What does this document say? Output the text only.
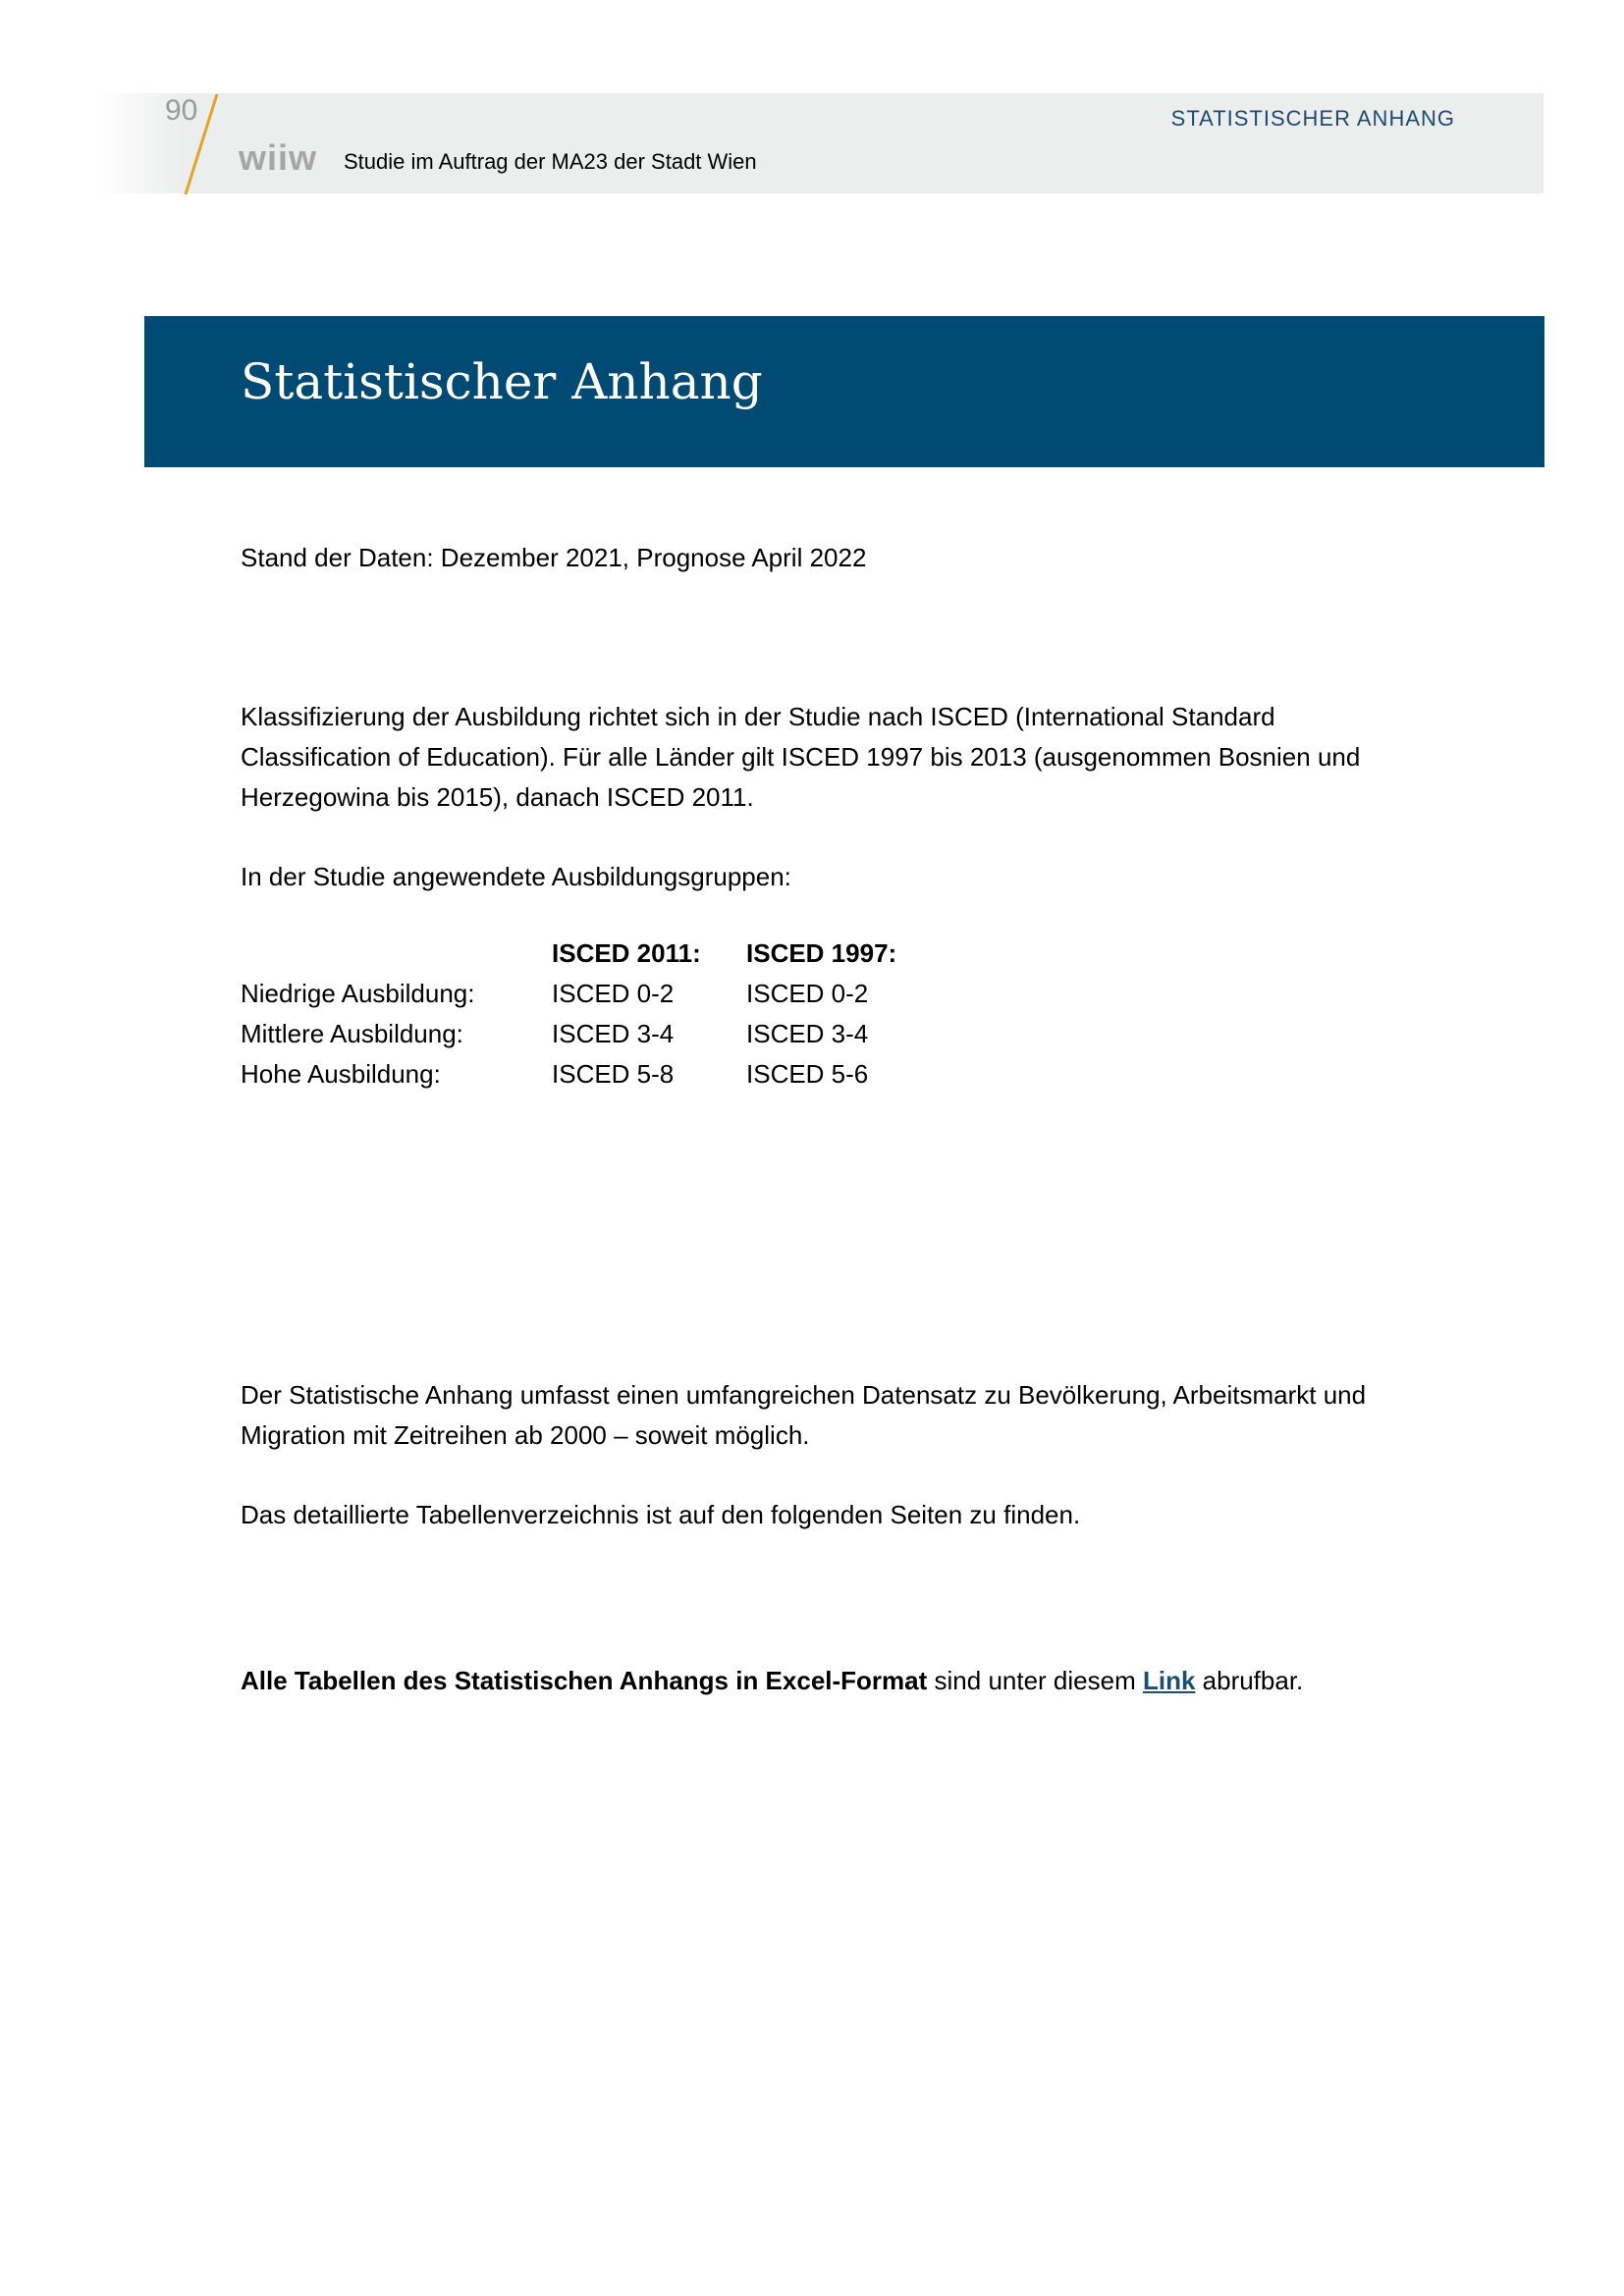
90
wiiw Studie im Auftrag der MA23 der Stadt Wien
STATISTISCHER ANHANG
Statistischer Anhang
Stand der Daten: Dezember 2021, Prognose April 2022
Klassifizierung der Ausbildung richtet sich in der Studie nach ISCED (International Standard Classification of Education). Für alle Länder gilt ISCED 1997 bis 2013 (ausgenommen Bosnien und Herzegowina bis 2015), danach ISCED 2011.
In der Studie angewendete Ausbildungsgruppen:
	ISCED 2011:	ISCED 1997:
Niedrige Ausbildung:	ISCED 0-2	ISCED 0-2
Mittlere Ausbildung:	ISCED 3-4	ISCED 3-4
Hohe Ausbildung:	ISCED 5-8	ISCED 5-6
Der Statistische Anhang umfasst einen umfangreichen Datensatz zu Bevölkerung, Arbeitsmarkt und Migration mit Zeitreihen ab 2000 – soweit möglich.
Das detaillierte Tabellenverzeichnis ist auf den folgenden Seiten zu finden.
Alle Tabellen des Statistischen Anhangs in Excel-Format sind unter diesem Link abrufbar.
